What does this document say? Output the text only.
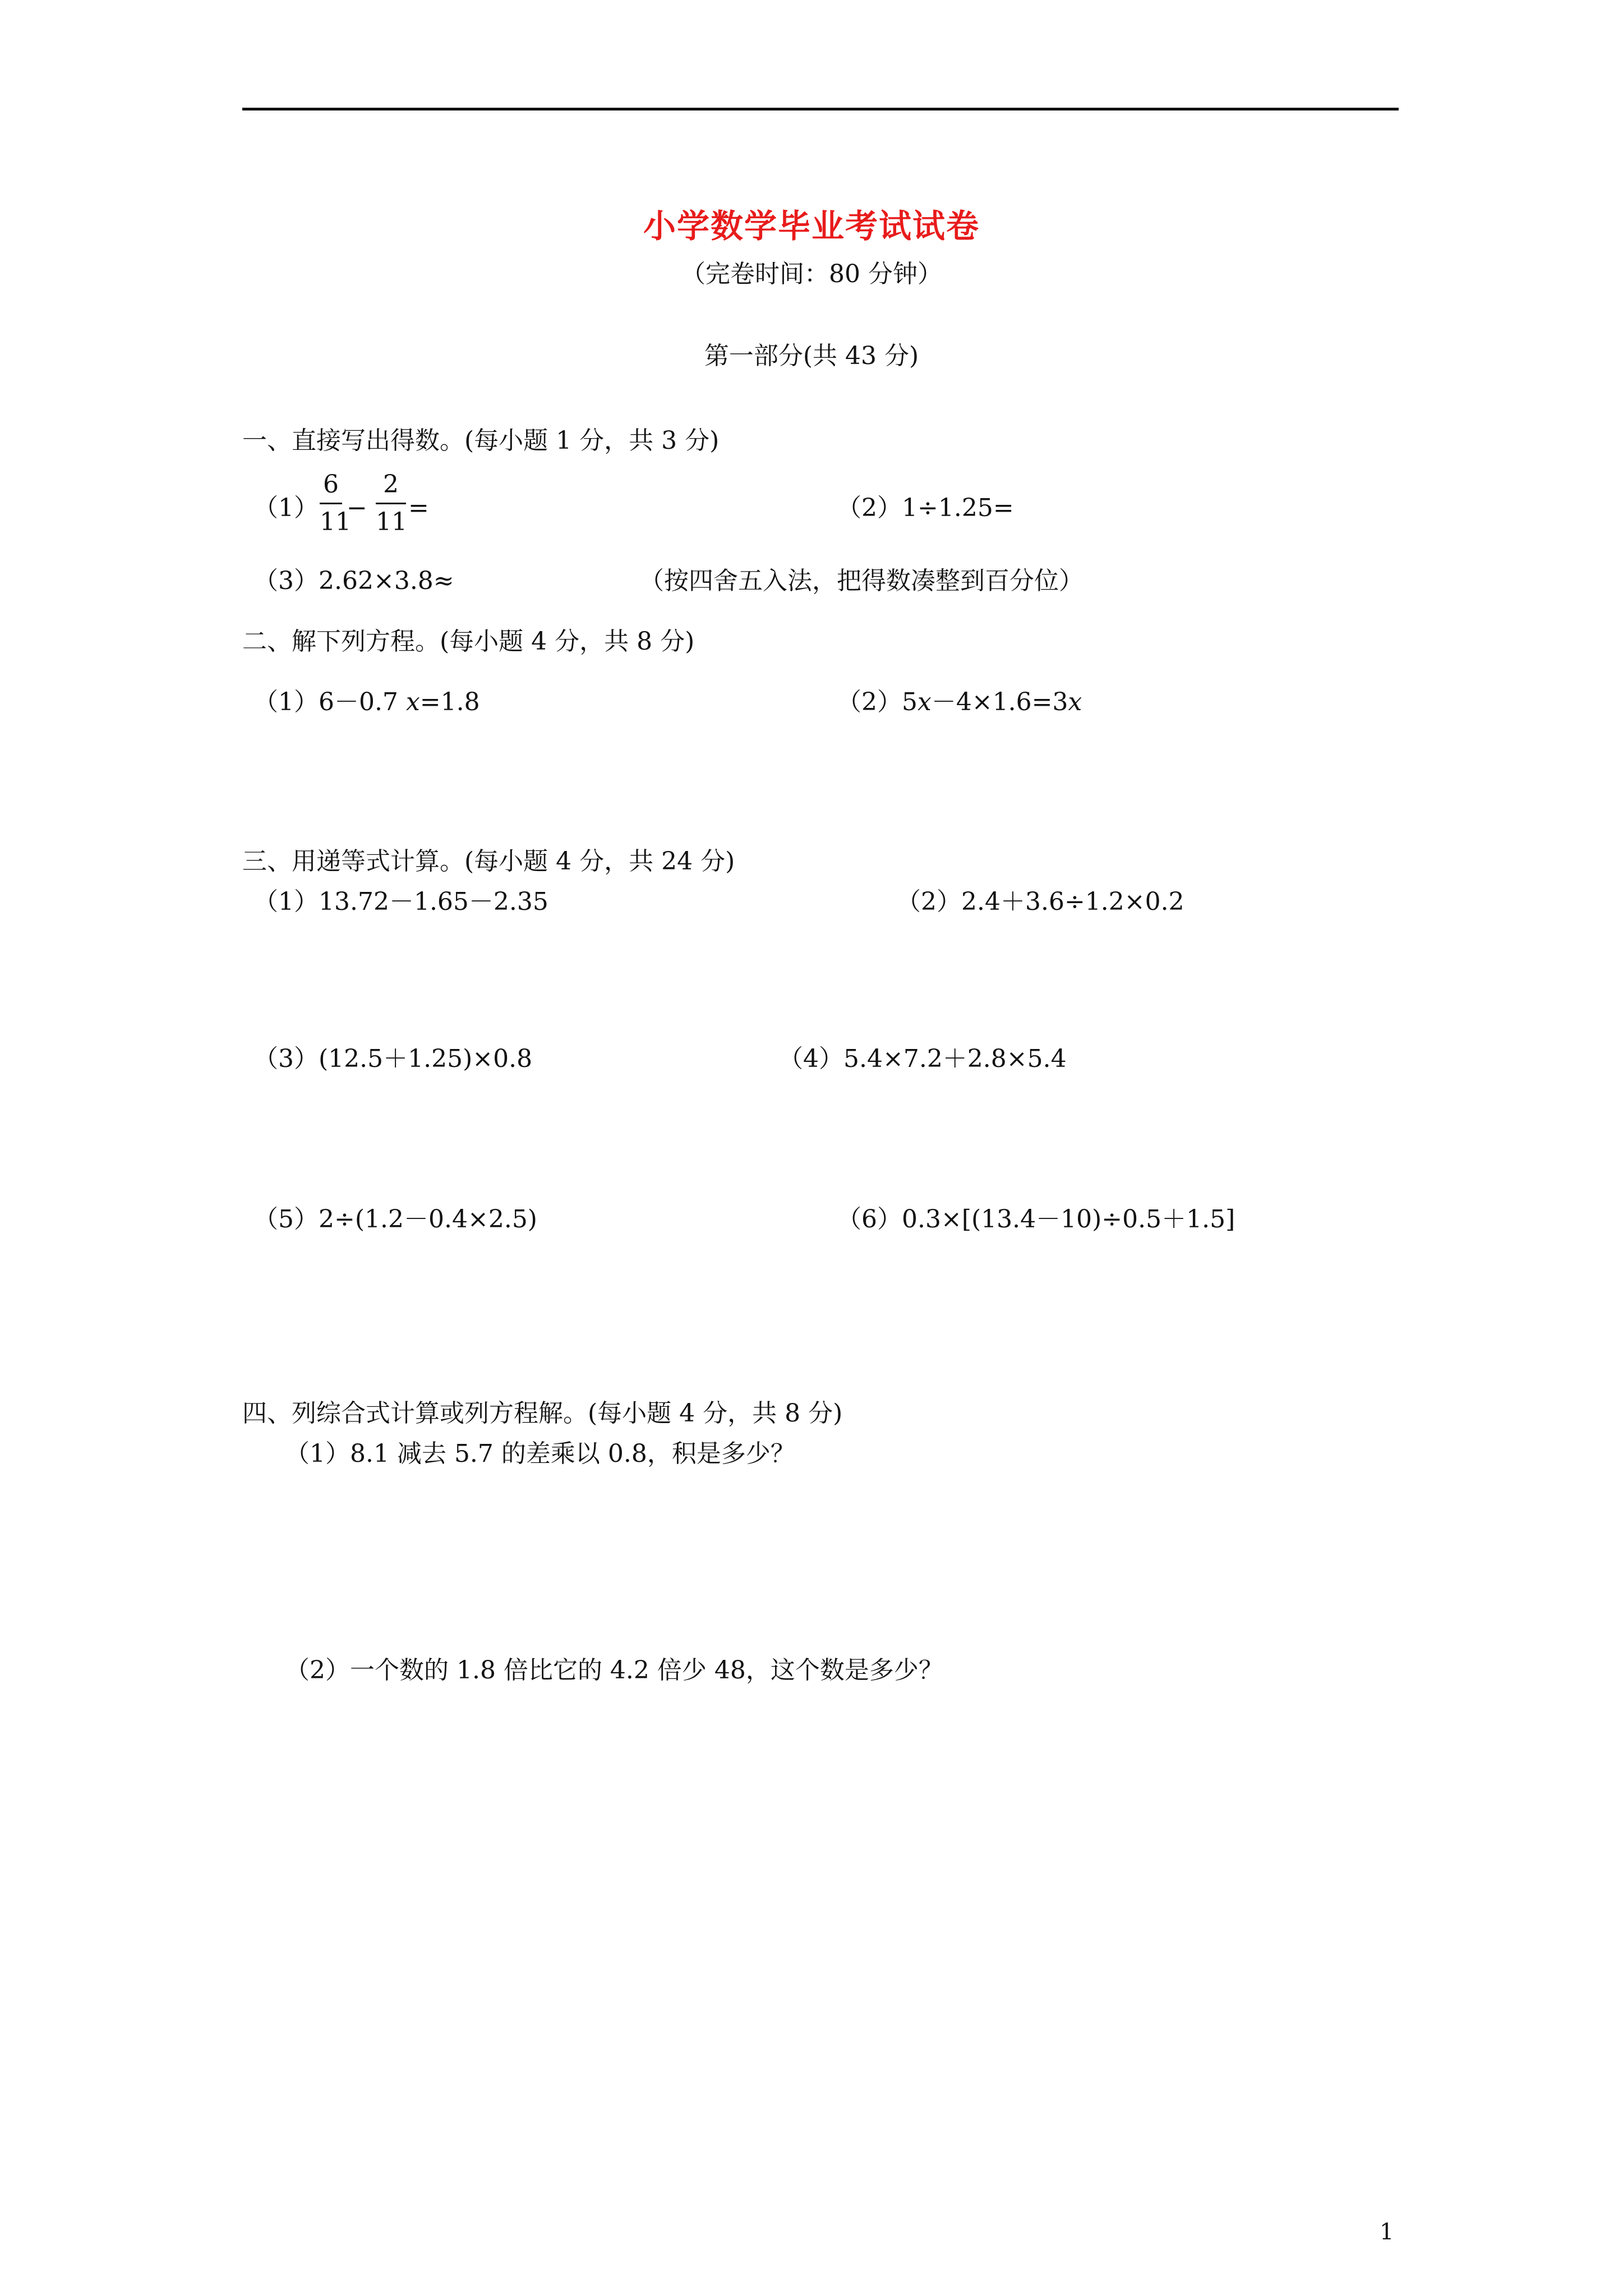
小学数学毕业考试试卷
（完卷时间：80 分钟）
第一部分(共 43 分)
一、直接写出得数。(每小题 1 分，共 3 分)
（1）
6
11
−
2
11 =	（2）1÷1.25=
（3）2.62×3.8≈	（按四舍五入法，把得数凑整到百分位）
二、解下列方程。(每小题 4 分，共 8 分)
（1）6－0.7 x=1.8	（2）5x－4×1.6=3x
三、用递等式计算。(每小题 4 分，共 24 分)
（1）13.72－1.65－2.35	（2）2.4＋3.6÷1.2×0.2
（3）(12.5＋1.25)×0.8	（4）5.4×7.2＋2.8×5.4
（5）2÷(1.2－0.4×2.5)	（6）0.3×[(13.4－10)÷0.5＋1.5]
四、列综合式计算或列方程解。(每小题 4 分，共 8 分)
（1）8.1 减去 5.7 的差乘以 0.8，积是多少？
（2）一个数的 1.8 倍比它的 4.2 倍少 48，这个数是多少？
1
